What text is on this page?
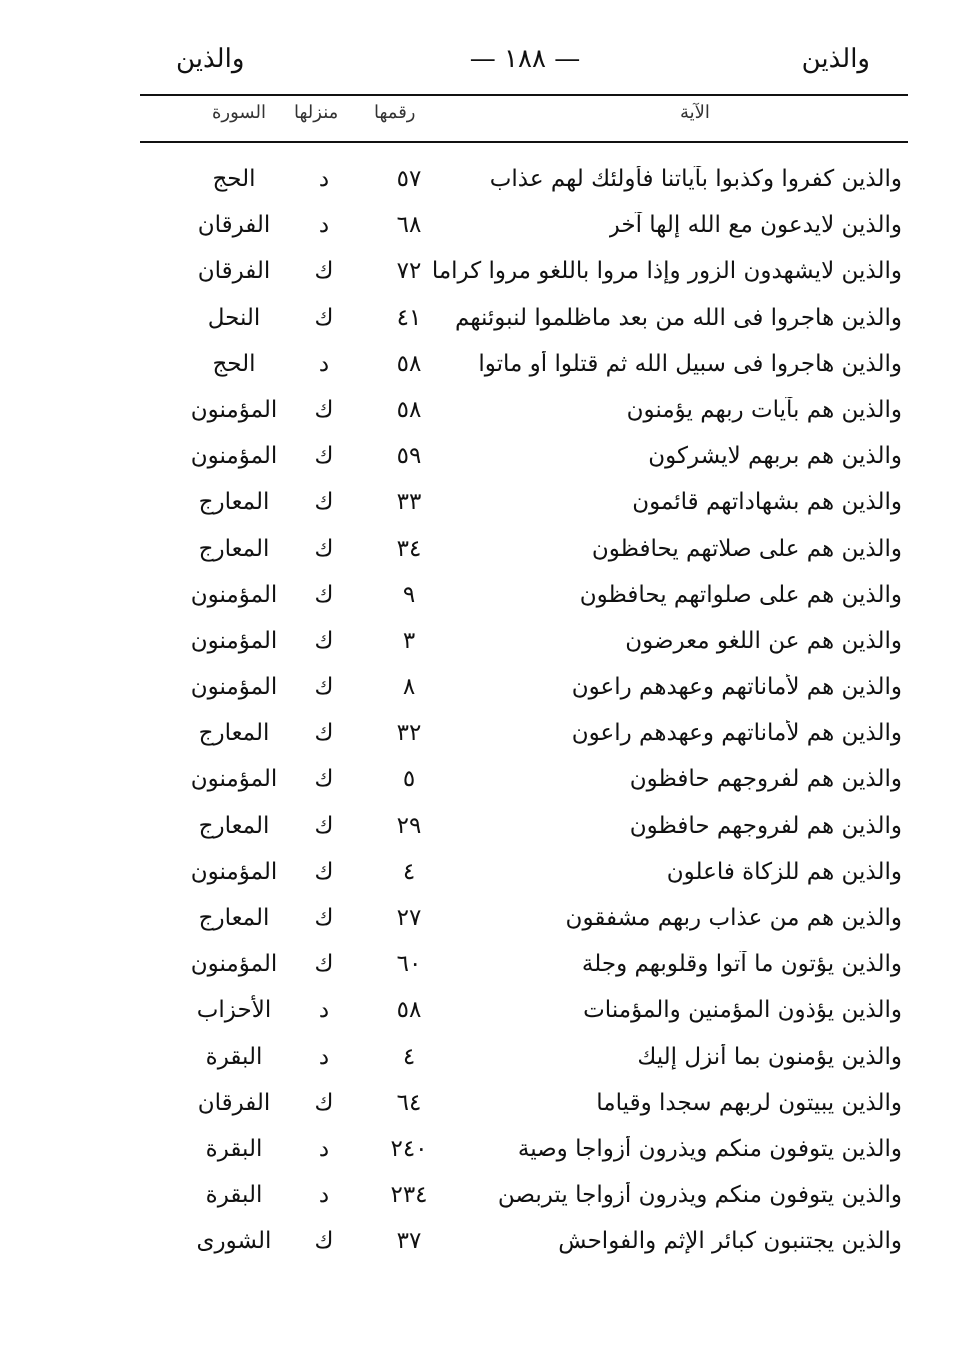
والذين
— ١٨٨ —
والذين
الآية
رقمها
منزلها
السورة
والذين كفروا وكذبوا بآياتنا فأولئك لهم عذاب
٥٧
د
الحج
والذين لايدعون مع الله إلها آخر
٦٨
د
الفرقان
والذين لايشهدون الزور وإذا مروا باللغو مروا كراما
٧٢
ك
الفرقان
والذين هاجروا فى الله من بعد ماظلموا لنبوئنهم
٤١
ك
النحل
والذين هاجروا فى سبيل الله ثم قتلوا أو ماتوا
٥٨
د
الحج
والذين هم بآيات ربهم يؤمنون
٥٨
ك
المؤمنون
والذين هم بربهم لايشركون
٥٩
ك
المؤمنون
والذين هم بشهاداتهم قائمون
٣٣
ك
المعارج
والذين هم على صلاتهم يحافظون
٣٤
ك
المعارج
والذين هم على صلواتهم يحافظون
٩
ك
المؤمنون
والذين هم عن اللغو معرضون
٣
ك
المؤمنون
والذين هم لأماناتهم وعهدهم راعون
٨
ك
المؤمنون
والذين هم لأماناتهم وعهدهم راعون
٣٢
ك
المعارج
والذين هم لفروجهم حافظون
٥
ك
المؤمنون
والذين هم لفروجهم حافظون
٢٩
ك
المعارج
والذين هم للزكاة فاعلون
٤
ك
المؤمنون
والذين هم من عذاب ربهم مشفقون
٢٧
ك
المعارج
والذين يؤتون ما آتوا وقلوبهم وجلة
٦٠
ك
المؤمنون
والذين يؤذون المؤمنين والمؤمنات
٥٨
د
الأحزاب
والذين يؤمنون بما أنزل إليك
٤
د
البقرة
والذين يبيتون لربهم سجدا وقياما
٦٤
ك
الفرقان
والذين يتوفون منكم ويذرون أزواجا وصية
٢٤٠
د
البقرة
والذين يتوفون منكم ويذرون أزواجا يتربصن
٢٣٤
د
البقرة
والذين يجتنبون كبائر الإثم والفواحش
٣٧
ك
الشورى
